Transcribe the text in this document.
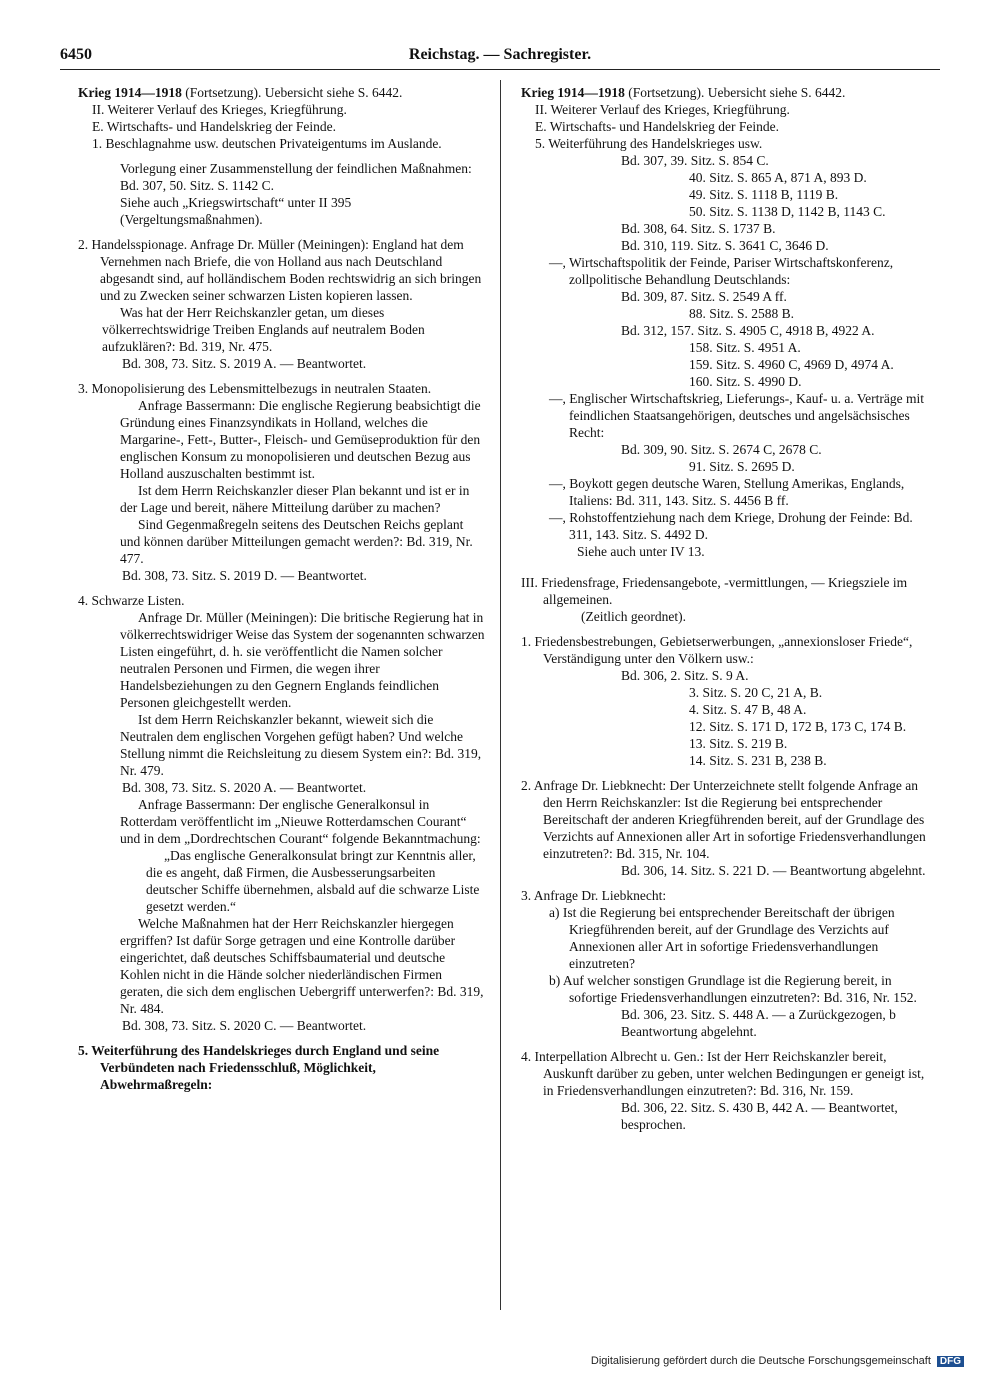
6450	Reichstag. — Sachregister.

Krieg 1914—1918 (Fortsetzung). Uebersicht siehe S. 6442.

II. Weiterer Verlauf des Krieges, Kriegführung.

E. Wirtschafts- und Handelskrieg der Feinde.

1. Beschlagnahme usw. deutschen Privateigentums im Auslande.

Vorlegung einer Zusammenstellung der feindlichen Maßnahmen: Bd. 307, 50. Sitz. S. 1142 C.

Siehe auch „Kriegswirtschaft“ unter II 395 (Vergeltungsmaßnahmen).

2. Handelsspionage. Anfrage Dr. Müller (Meiningen): England hat dem Vernehmen nach Briefe, die von Holland aus nach Deutschland abgesandt sind, auf holländischem Boden rechtswidrig an sich bringen und zu Zwecken seiner schwarzen Listen kopieren lassen.

Was hat der Herr Reichskanzler getan, um dieses völkerrechtswidrige Treiben Englands auf neutralem Boden aufzuklären?: Bd. 319, Nr. 475.

Bd. 308, 73. Sitz. S. 2019 A. — Beantwortet.

3. Monopolisierung des Lebensmittelbezugs in neutralen Staaten.

Anfrage Bassermann: Die englische Regierung beabsichtigt die Gründung eines Finanzsyndikats in Holland, welches die Margarine-, Fett-, Butter-, Fleisch- und Gemüseproduktion für den englischen Konsum zu monopolisieren und deutschen Bezug aus Holland auszuschalten bestimmt ist.

Ist dem Herrn Reichskanzler dieser Plan bekannt und ist er in der Lage und bereit, nähere Mitteilung darüber zu machen?

Sind Gegenmaßregeln seitens des Deutschen Reichs geplant und können darüber Mitteilungen gemacht werden?: Bd. 319, Nr. 477.

Bd. 308, 73. Sitz. S. 2019 D. — Beantwortet.

4. Schwarze Listen.

Anfrage Dr. Müller (Meiningen): Die britische Regierung hat in völkerrechtswidriger Weise das System der sogenannten schwarzen Listen eingeführt, d. h. sie veröffentlicht die Namen solcher neutralen Personen und Firmen, die wegen ihrer Handelsbeziehungen zu den Gegnern Englands feindlichen Personen gleichgestellt werden.

Ist dem Herrn Reichskanzler bekannt, wieweit sich die Neutralen dem englischen Vorgehen gefügt haben? Und welche Stellung nimmt die Reichsleitung zu diesem System ein?: Bd. 319, Nr. 479.

Bd. 308, 73. Sitz. S. 2020 A. — Beantwortet.

Anfrage Bassermann: Der englische Generalkonsul in Rotterdam veröffentlicht im „Nieuwe Rotterdamschen Courant“ und in dem „Dordrechtschen Courant“ folgende Bekanntmachung:

„Das englische Generalkonsulat bringt zur Kenntnis aller, die es angeht, daß Firmen, die Ausbesserungsarbeiten deutscher Schiffe übernehmen, alsbald auf die schwarze Liste gesetzt werden.“

Welche Maßnahmen hat der Herr Reichskanzler hiergegen ergriffen? Ist dafür Sorge getragen und eine Kontrolle darüber eingerichtet, daß deutsches Schiffsbaumaterial und deutsche Kohlen nicht in die Hände solcher niederländischen Firmen geraten, die sich dem englischen Uebergriff unterwerfen?: Bd. 319, Nr. 484.

Bd. 308, 73. Sitz. S. 2020 C. — Beantwortet.

5. Weiterführung des Handelskrieges durch England und seine Verbündeten nach Friedensschluß, Möglichkeit, Abwehrmaßregeln:

Krieg 1914—1918 (Fortsetzung). Uebersicht siehe S. 6442.

II. Weiterer Verlauf des Krieges, Kriegführung.

E. Wirtschafts- und Handelskrieg der Feinde.

5. Weiterführung des Handelskrieges usw.

Bd. 307, 39. Sitz. S. 854 C.

40. Sitz. S. 865 A, 871 A, 893 D.

49. Sitz. S. 1118 B, 1119 B.

50. Sitz. S. 1138 D, 1142 B, 1143 C.

Bd. 308, 64. Sitz. S. 1737 B.

Bd. 310, 119. Sitz. S. 3641 C, 3646 D.

—, Wirtschaftspolitik der Feinde, Pariser Wirtschaftskonferenz, zollpolitische Behandlung Deutschlands:

Bd. 309, 87. Sitz. S. 2549 A ff.

88. Sitz. S. 2588 B.

Bd. 312, 157. Sitz. S. 4905 C, 4918 B, 4922 A.

158. Sitz. S. 4951 A.

159. Sitz. S. 4960 C, 4969 D, 4974 A.

160. Sitz. S. 4990 D.

—, Englischer Wirtschaftskrieg, Lieferungs-, Kauf- u. a. Verträge mit feindlichen Staatsangehörigen, deutsches und angelsächsisches Recht:

Bd. 309, 90. Sitz. S. 2674 C, 2678 C.

91. Sitz. S. 2695 D.

—, Boykott gegen deutsche Waren, Stellung Amerikas, Englands, Italiens: Bd. 311, 143. Sitz. S. 4456 B ff.

—, Rohstoffentziehung nach dem Kriege, Drohung der Feinde: Bd. 311, 143. Sitz. S. 4492 D.

Siehe auch unter IV 13.

III. Friedensfrage, Friedensangebote, -vermittlungen, — Kriegsziele im allgemeinen.

(Zeitlich geordnet).

1. Friedensbestrebungen, Gebietserwerbungen, „annexionsloser Friede“, Verständigung unter den Völkern usw.:

Bd. 306, 2. Sitz. S. 9 A.

3. Sitz. S. 20 C, 21 A, B.

4. Sitz. S. 47 B, 48 A.

12. Sitz. S. 171 D, 172 B, 173 C, 174 B.

13. Sitz. S. 219 B.

14. Sitz. S. 231 B, 238 B.

2. Anfrage Dr. Liebknecht: Der Unterzeichnete stellt folgende Anfrage an den Herrn Reichskanzler: Ist die Regierung bei entsprechender Bereitschaft der anderen Kriegführenden bereit, auf der Grundlage des Verzichts auf Annexionen aller Art in sofortige Friedensverhandlungen einzutreten?: Bd. 315, Nr. 104.

Bd. 306, 14. Sitz. S. 221 D. — Beantwortung abgelehnt.

3. Anfrage Dr. Liebknecht:

a) Ist die Regierung bei entsprechender Bereitschaft der übrigen Kriegführenden bereit, auf der Grundlage des Verzichts auf Annexionen aller Art in sofortige Friedensverhandlungen einzutreten?

b) Auf welcher sonstigen Grundlage ist die Regierung bereit, in sofortige Friedensverhandlungen einzutreten?: Bd. 316, Nr. 152.

Bd. 306, 23. Sitz. S. 448 A. — a Zurückgezogen, b Beantwortung abgelehnt.

4. Interpellation Albrecht u. Gen.: Ist der Herr Reichskanzler bereit, Auskunft darüber zu geben, unter welchen Bedingungen er geneigt ist, in Friedensverhandlungen einzutreten?: Bd. 316, Nr. 159.

Bd. 306, 22. Sitz. S. 430 B, 442 A. — Beantwortet, besprochen.

Digitalisierung gefördert durch die Deutsche Forschungsgemeinschaft DFG
